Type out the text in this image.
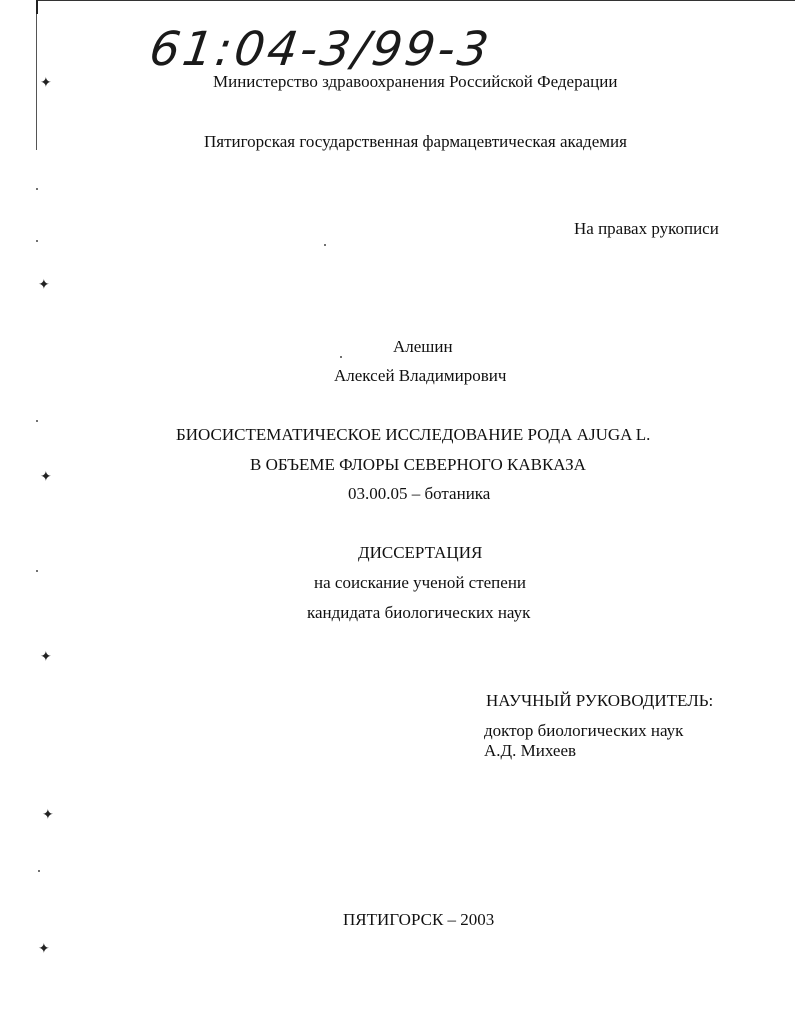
✦
✦
✦
✦
✦
✦
61:04-3/99-3
Министерство здравоохранения Российской Федерации
Пятигорская государственная фармацевтическая академия
На правах рукописи
Алешин
Алексей Владимирович
БИОСИСТЕМАТИЧЕСКОЕ ИССЛЕДОВАНИЕ РОДА AJUGA L.
В ОБЪЕМЕ ФЛОРЫ СЕВЕРНОГО КАВКАЗА
03.00.05 – ботаника
ДИССЕРТАЦИЯ
на соискание ученой степени
кандидата биологических наук
НАУЧНЫЙ РУКОВОДИТЕЛЬ:
доктор биологических наук
А.Д. Михеев
ПЯТИГОРСК – 2003
